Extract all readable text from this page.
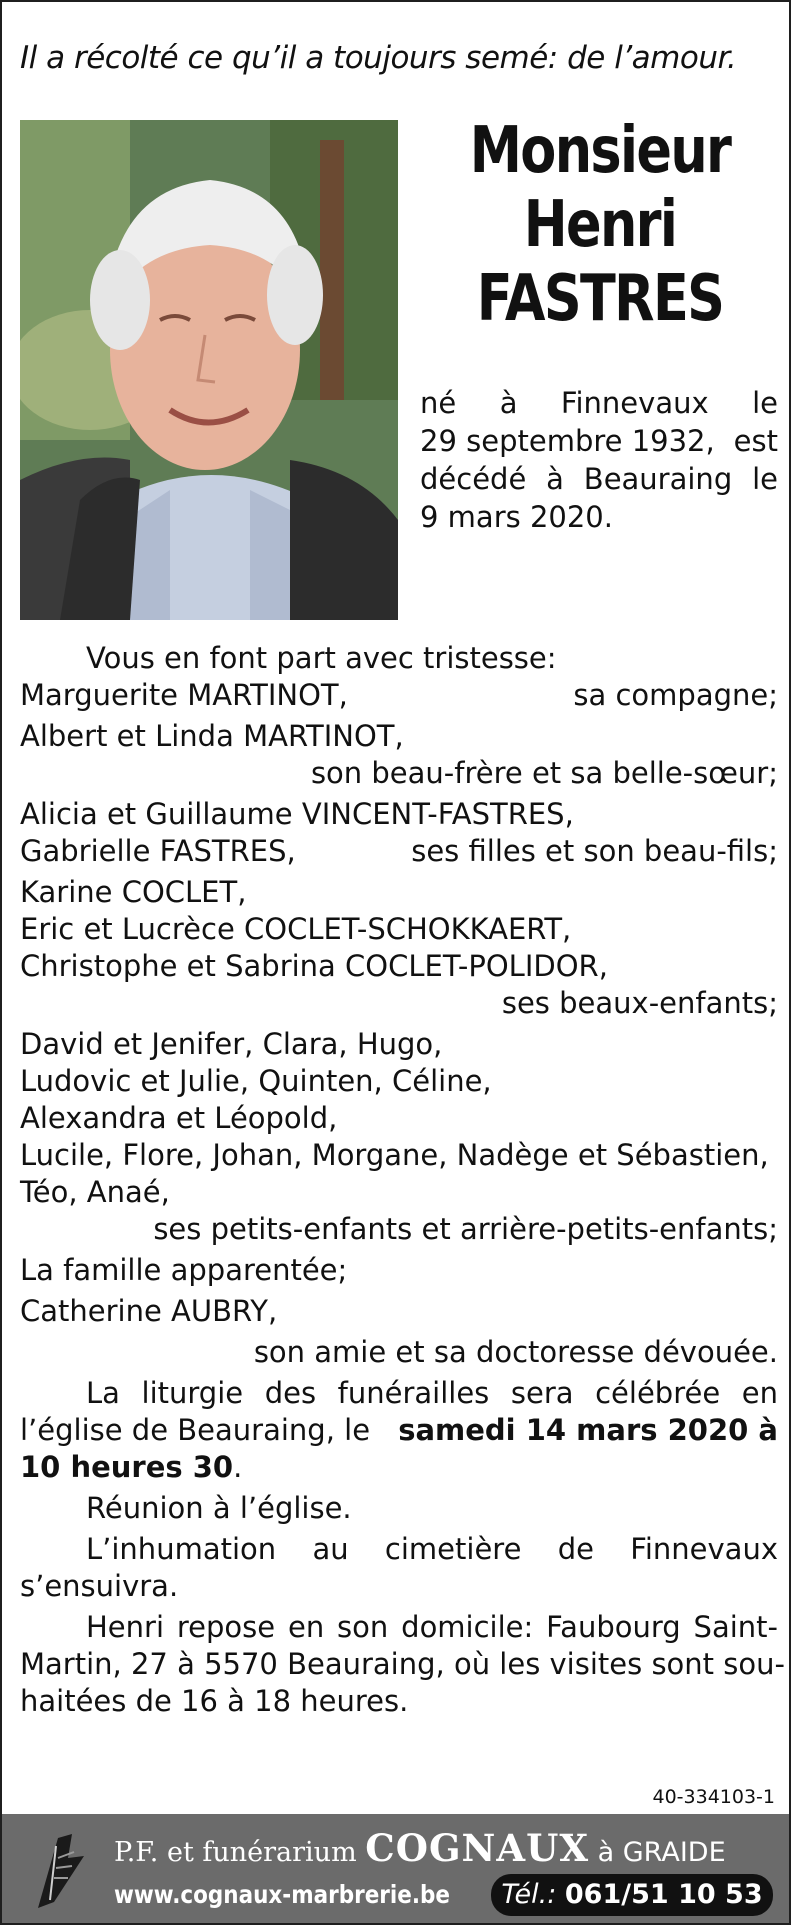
Il a récolté ce qu’il a toujours semé: de l’amour.
Monsieur
Henri
FASTRES
né à Finnevaux le
29 septembre 1932, est
décédé à Beauraing le
9 mars 2020.
Vous en font part avec tristesse:
Marguerite MARTINOT,	sa compagne;
Albert et Linda MARTINOT,
son beau-frère et sa belle-sœur;
Alicia et Guillaume VINCENT-FASTRES,
Gabrielle FASTRES,	ses filles et son beau-fils;
Karine COCLET,
Eric et Lucrèce COCLET-SCHOKKAERT,
Christophe et Sabrina COCLET-POLIDOR,
ses beaux-enfants;
David et Jenifer, Clara, Hugo,
Ludovic et Julie, Quinten, Céline,
Alexandra et Léopold,
Lucile, Flore, Johan, Morgane, Nadège et Sébastien,
Téo, Anaé,
ses petits-enfants et arrière-petits-enfants;
La famille apparentée;
Catherine AUBRY,
son amie et sa doctoresse dévouée.
La liturgie des funérailles sera célébrée en
l’église de Beauraing, le samedi 14 mars 2020 à
10 heures 30.
Réunion à l’église.
L’inhumation au cimetière de Finnevaux
s’ensuivra.
Henri repose en son domicile: Faubourg Saint-
Martin, 27 à 5570 Beauraing, où les visites sont sou-
haitées de 16 à 18 heures.
40-334103-1
P.F. et funérarium COGNAUX à GRAIDE
www.cognaux-marbrerie.be	Tél.: 061/51 10 53
